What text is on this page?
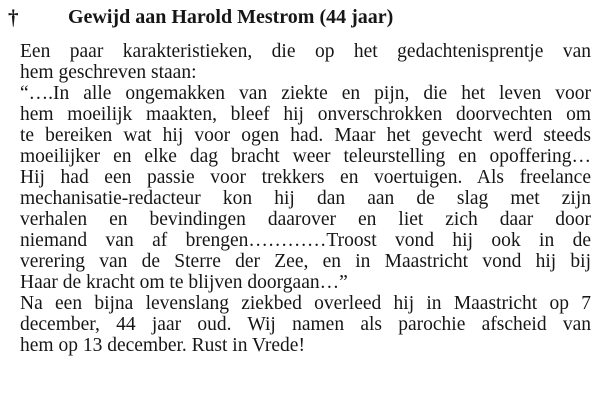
†	Gewijd aan Harold Mestrom (44 jaar)
Een paar karakteristieken, die op het gedachtenisprentje van
hem geschreven staan:
“….In alle ongemakken van ziekte en pijn, die het leven voor
hem moeilijk maakten, bleef hij onverschrokken doorvechten om
te bereiken wat hij voor ogen had. Maar het gevecht werd steeds
moeilijker en elke dag bracht weer teleurstelling en opoffering…
Hij had een passie voor trekkers en voertuigen. Als freelance
mechanisatie-redacteur kon hij dan aan de slag met zijn
verhalen en bevindingen daarover en liet zich daar door
niemand van af brengen…………Troost vond hij ook in de
verering van de Sterre der Zee, en in Maastricht vond hij bij
Haar de kracht om te blijven doorgaan…”
Na een bijna levenslang ziekbed overleed hij in Maastricht op 7
december, 44 jaar oud. Wij namen als parochie afscheid van
hem op 13 december. Rust in Vrede!
